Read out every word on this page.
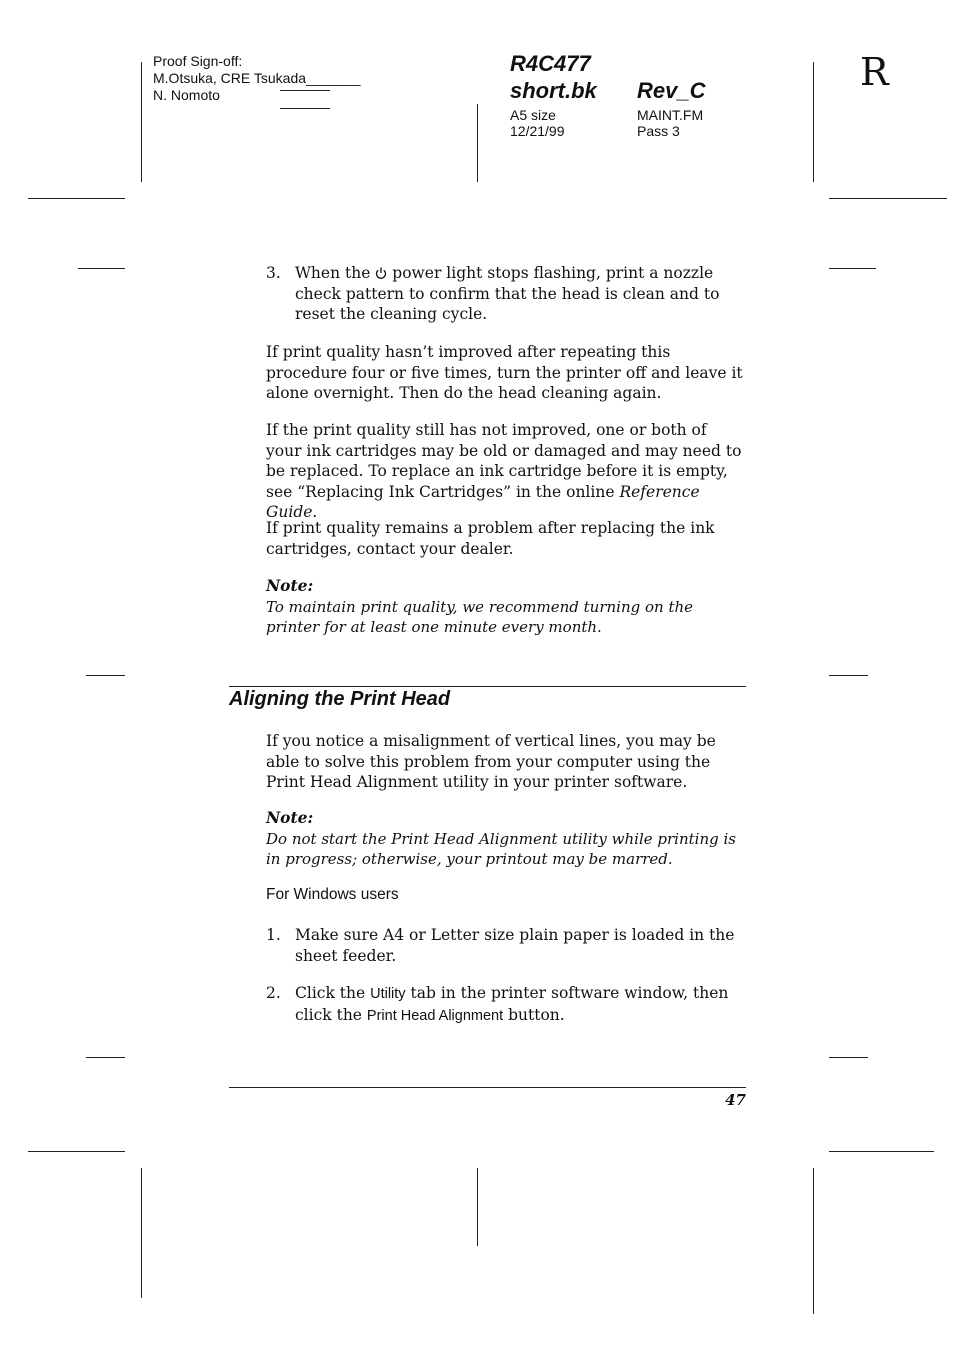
Proof Sign-off:
M.Otsuka, CRE Tsukada_______
N. Nomoto
R4C477
short.bk Rev_C
A5 size
12/21/99
MAINT.FM
Pass 3
R
3. When the power light stops flashing, print a nozzle check pattern to confirm that the head is clean and to reset the cleaning cycle.

If print quality hasn’t improved after repeating this procedure four or five times, turn the printer off and leave it alone overnight. Then do the head cleaning again.

If the print quality still has not improved, one or both of your ink cartridges may be old or damaged and may need to be replaced. To replace an ink cartridge before it is empty, see “Replacing Ink Cartridges” in the online Reference Guide.

If print quality remains a problem after replacing the ink cartridges, contact your dealer.

Note:
To maintain print quality, we recommend turning on the printer for at least one minute every month.
Aligning the Print Head

If you notice a misalignment of vertical lines, you may be able to solve this problem from your computer using the Print Head Alignment utility in your printer software.

Note:
Do not start the Print Head Alignment utility while printing is in progress; otherwise, your printout may be marred.
For Windows users
1. Make sure A4 or Letter size plain paper is loaded in the sheet feeder.
2. Click the Utility tab in the printer software window, then click the Print Head Alignment button.
47
